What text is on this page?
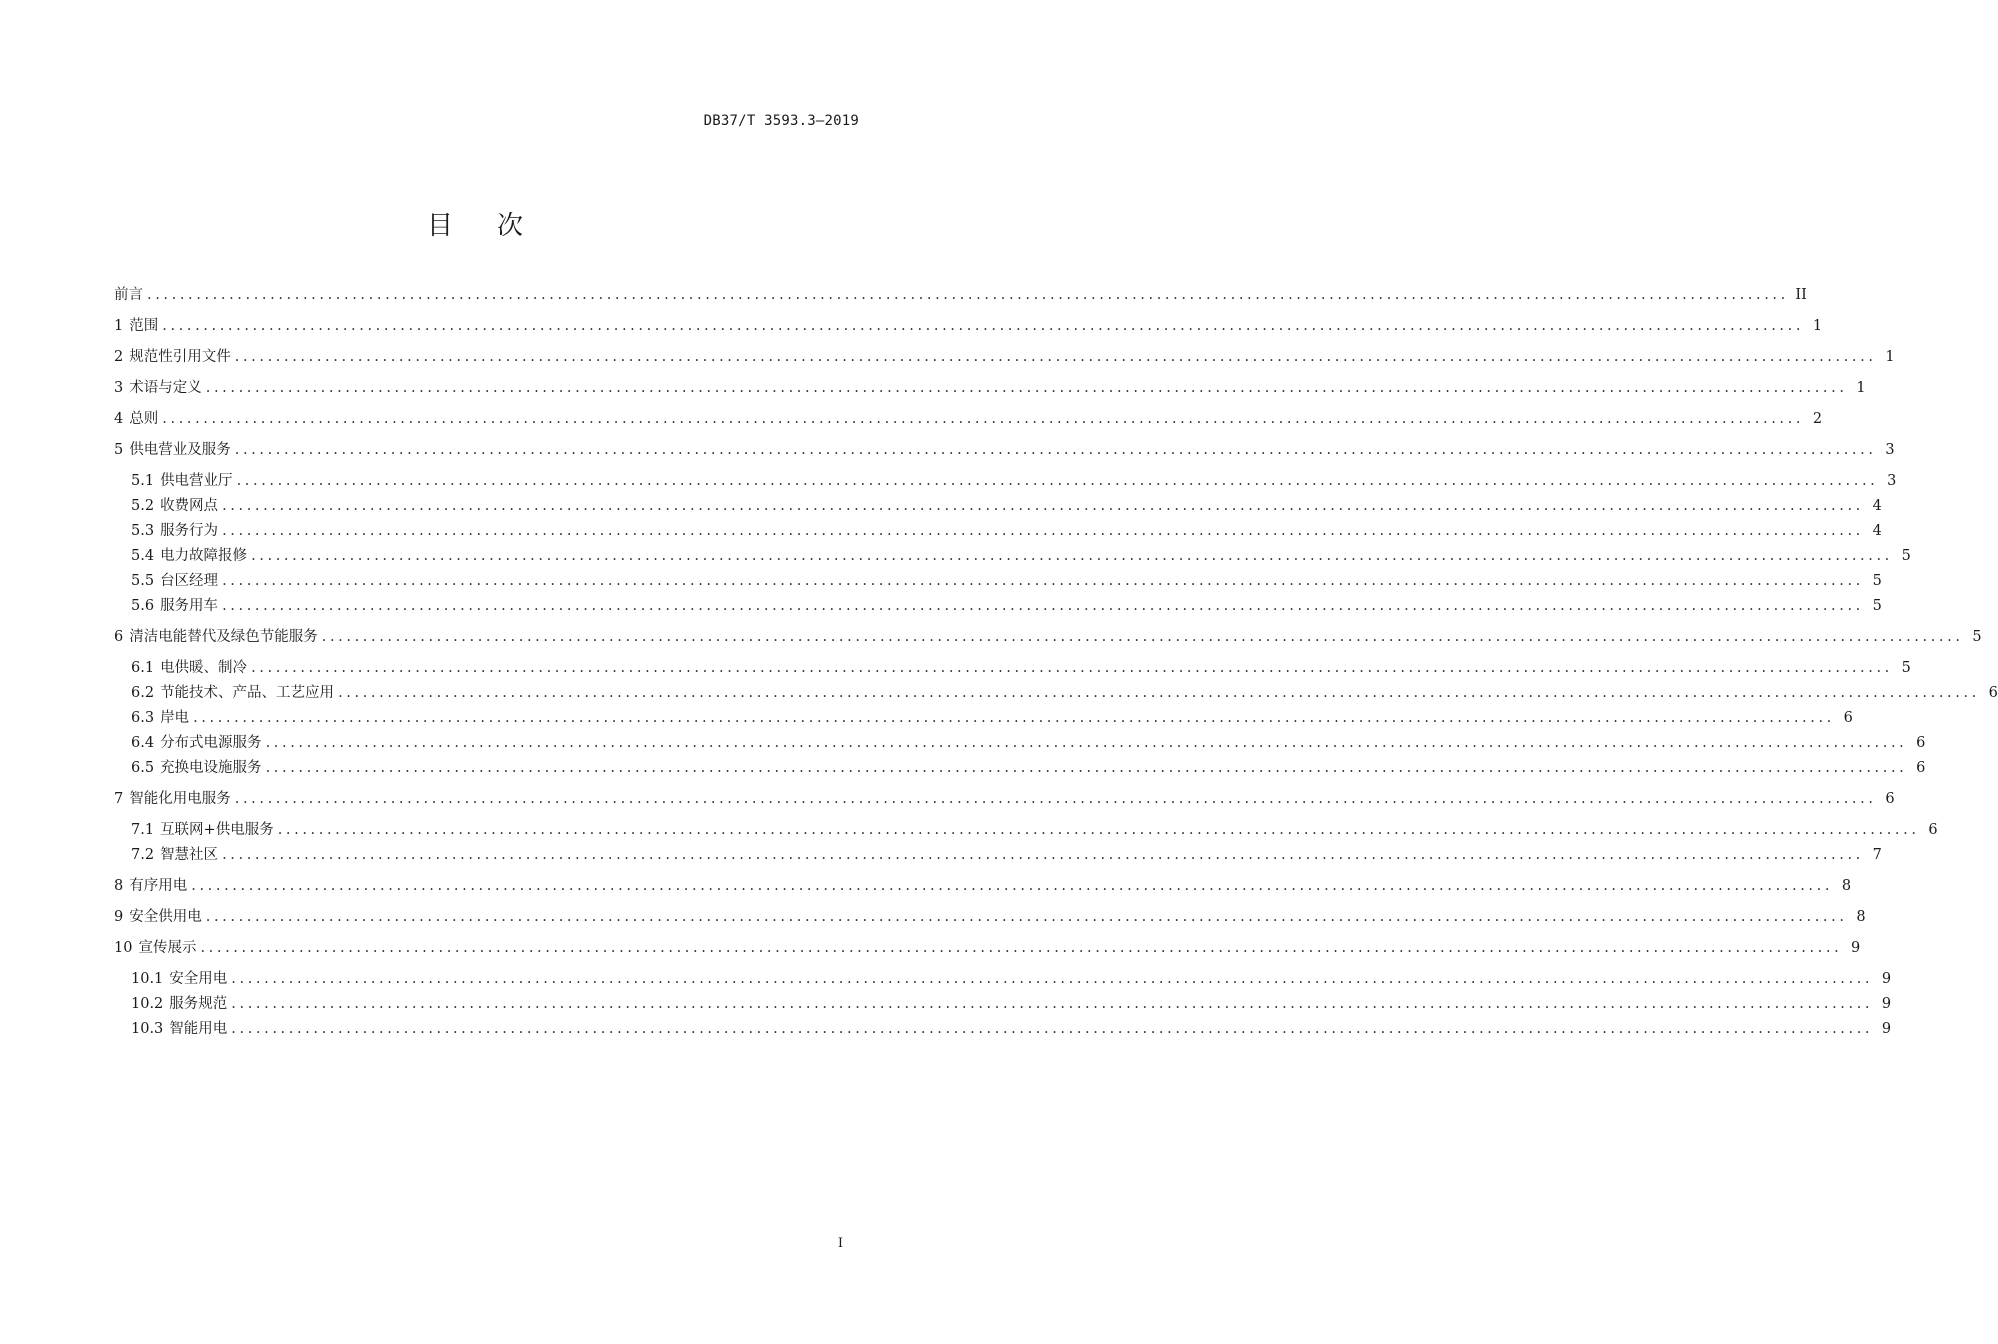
DB37/T 3593.3—2019
目次
前言 ........................................................................................................................................................................................................ II
1 范围 ........................................................................................................................................................................................................ 1
2 规范性引用文件 ........................................................................................................................................................................................................ 1
3 术语与定义 ........................................................................................................................................................................................................ 1
4 总则 ........................................................................................................................................................................................................ 2
5 供电营业及服务 ........................................................................................................................................................................................................ 3
5.1 供电营业厅 ........................................................................................................................................................................................................ 3
5.2 收费网点 ........................................................................................................................................................................................................ 4
5.3 服务行为 ........................................................................................................................................................................................................ 4
5.4 电力故障报修 ........................................................................................................................................................................................................ 5
5.5 台区经理 ........................................................................................................................................................................................................ 5
5.6 服务用车 ........................................................................................................................................................................................................ 5
6 清洁电能替代及绿色节能服务 ........................................................................................................................................................................................................ 5
6.1 电供暖、制冷 ........................................................................................................................................................................................................ 5
6.2 节能技术、产品、工艺应用 ........................................................................................................................................................................................................ 6
6.3 岸电 ........................................................................................................................................................................................................ 6
6.4 分布式电源服务 ........................................................................................................................................................................................................ 6
6.5 充换电设施服务 ........................................................................................................................................................................................................ 6
7 智能化用电服务 ........................................................................................................................................................................................................ 6
7.1 互联网+供电服务 ........................................................................................................................................................................................................ 6
7.2 智慧社区 ........................................................................................................................................................................................................ 7
8 有序用电 ........................................................................................................................................................................................................ 8
9 安全供用电 ........................................................................................................................................................................................................ 8
10 宣传展示 ........................................................................................................................................................................................................ 9
10.1 安全用电 ........................................................................................................................................................................................................ 9
10.2 服务规范 ........................................................................................................................................................................................................ 9
10.3 智能用电 ........................................................................................................................................................................................................ 9
I
